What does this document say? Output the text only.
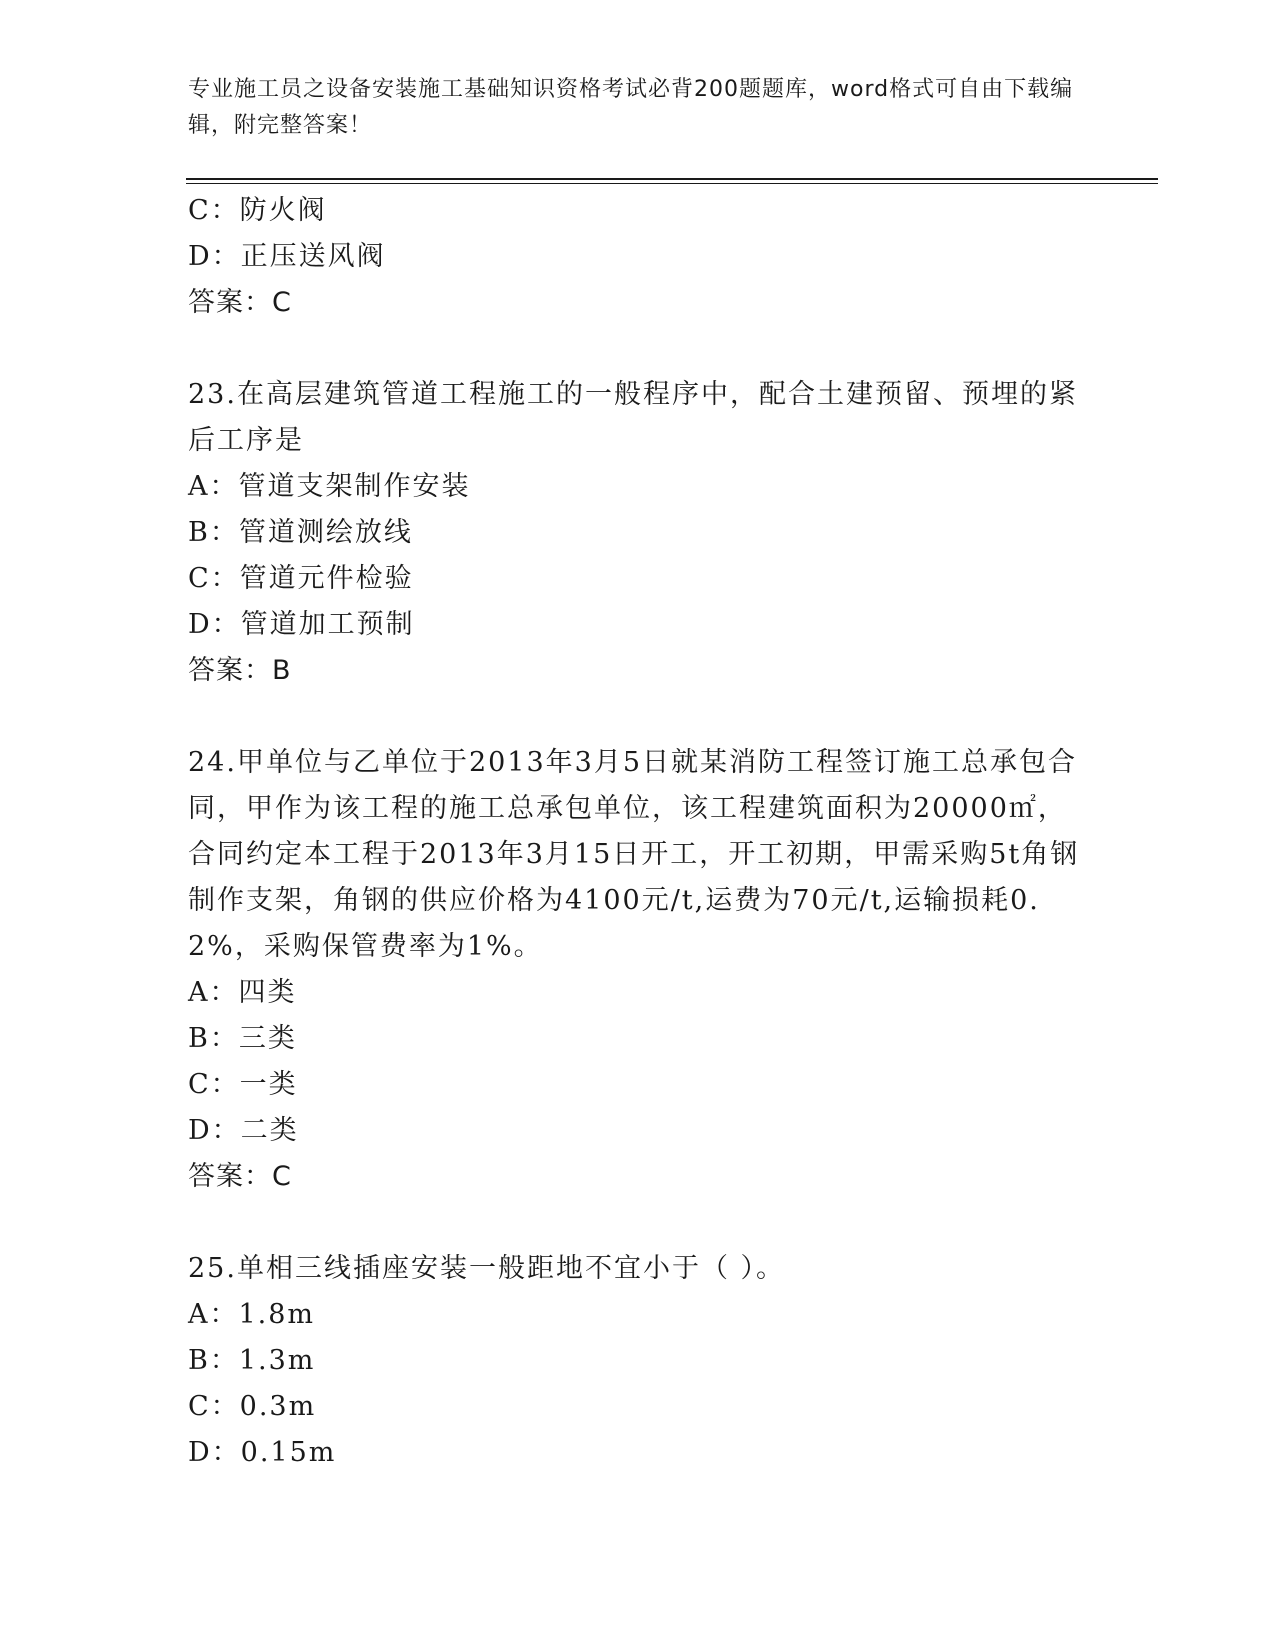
专业施工员之设备安装施工基础知识资格考试必背200题题库，word格式可自由下载编辑，附完整答案！
C：防火阀
D：正压送风阀
答案：C
23.在高层建筑管道工程施工的一般程序中，配合土建预留、预埋的紧后工序是
A：管道支架制作安装
B：管道测绘放线
C：管道元件检验
D：管道加工预制
答案：B
24.甲单位与乙单位于2013年3月5日就某消防工程签订施工总承包合同，甲作为该工程的施工总承包单位，该工程建筑面积为20000㎡，合同约定本工程于2013年3月15日开工，开工初期，甲需采购5t角钢制作支架，角钢的供应价格为4100元/t,运费为70元/t,运输损耗0.2%，采购保管费率为1%。
A：四类
B：三类
C：一类
D：二类
答案：C
25.单相三线插座安装一般距地不宜小于（ ）。
A：1.8m
B：1.3m
C：0.3m
D：0.15m
